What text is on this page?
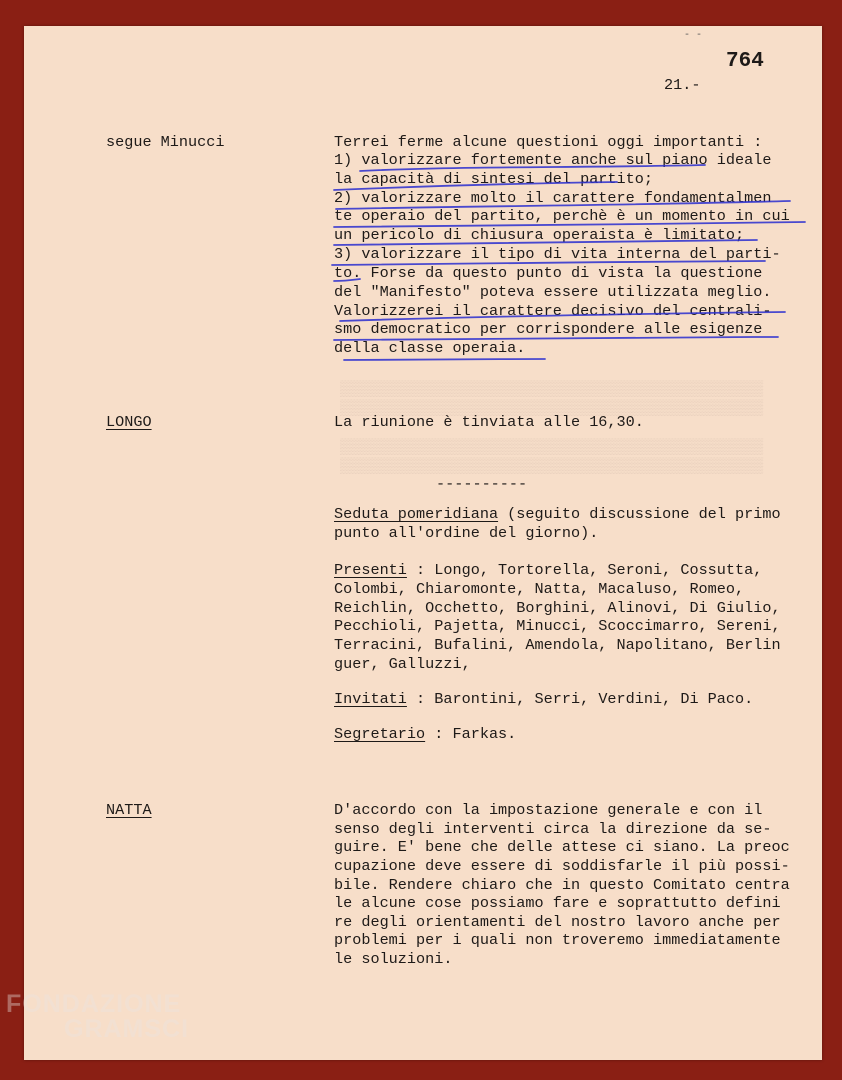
▒▒▒▒▒▒▒▒▒▒▒▒▒▒▒▒▒▒▒▒▒▒▒▒▒▒▒▒▒▒▒▒▒▒▒▒▒▒▒▒▒▒▒▒▒▒▒
▒▒▒▒▒▒▒▒▒▒▒▒▒▒▒▒▒▒▒▒▒▒▒▒▒▒▒▒▒▒▒▒▒▒▒▒▒▒▒▒▒▒▒▒▒▒▒

▒▒▒▒▒▒▒▒▒▒▒▒▒▒▒▒▒▒▒▒▒▒▒▒▒▒▒▒▒▒▒▒▒▒▒▒▒▒▒▒▒▒▒▒▒▒▒
▒▒▒▒▒▒▒▒▒▒▒▒▒▒▒▒▒▒▒▒▒▒▒▒▒▒▒▒▒▒▒▒▒▒▒▒▒▒▒▒▒▒▒▒▒▒▒
- -
764
21.-
segue Minucci	Terrei ferme alcune questioni oggi importanti :
1) valorizzare fortemente anche sul piano ideale
la capacità di sintesi del partito;
2) valorizzare molto il carattere fondamentalmen
te operaio del partito, perchè è un momento in cui
un pericolo di chiusura operaista è limitato;
3) valorizzare il tipo di vita interna del parti-
to. Forse da questo punto di vista la questione
del "Manifesto" poteva essere utilizzata meglio.
Valorizzerei il carattere decisivo del centrali-
smo democratico per corrispondere alle esigenze
della classe operaia.
LONGO	La riunione è tinviata alle 16,30.
----------
Seduta pomeridiana (seguito discussione del primo
punto all'ordine del giorno).
Presenti : Longo, Tortorella, Seroni, Cossutta,
Colombi, Chiaromonte, Natta, Macaluso, Romeo,
Reichlin, Occhetto, Borghini, Alinovi, Di Giulio,
Pecchioli, Pajetta, Minucci, Scoccimarro, Sereni,
Terracini, Bufalini, Amendola, Napolitano, Berlin
guer, Galluzzi,
Invitati : Barontini, Serri, Verdini, Di Paco.
Segretario : Farkas.
NATTA	D'accordo con la impostazione generale e con il
senso degli interventi circa la direzione da se-
guire. E' bene che delle attese ci siano. La preoc
cupazione deve essere di soddisfarle il più possi-
bile. Rendere chiaro che in questo Comitato centra
le alcune cose possiamo fare e soprattutto defini
re degli orientamenti del nostro lavoro anche per
problemi per i quali non troveremo immediatamente
le soluzioni.
FONDAZIONE
GRAMSCI
